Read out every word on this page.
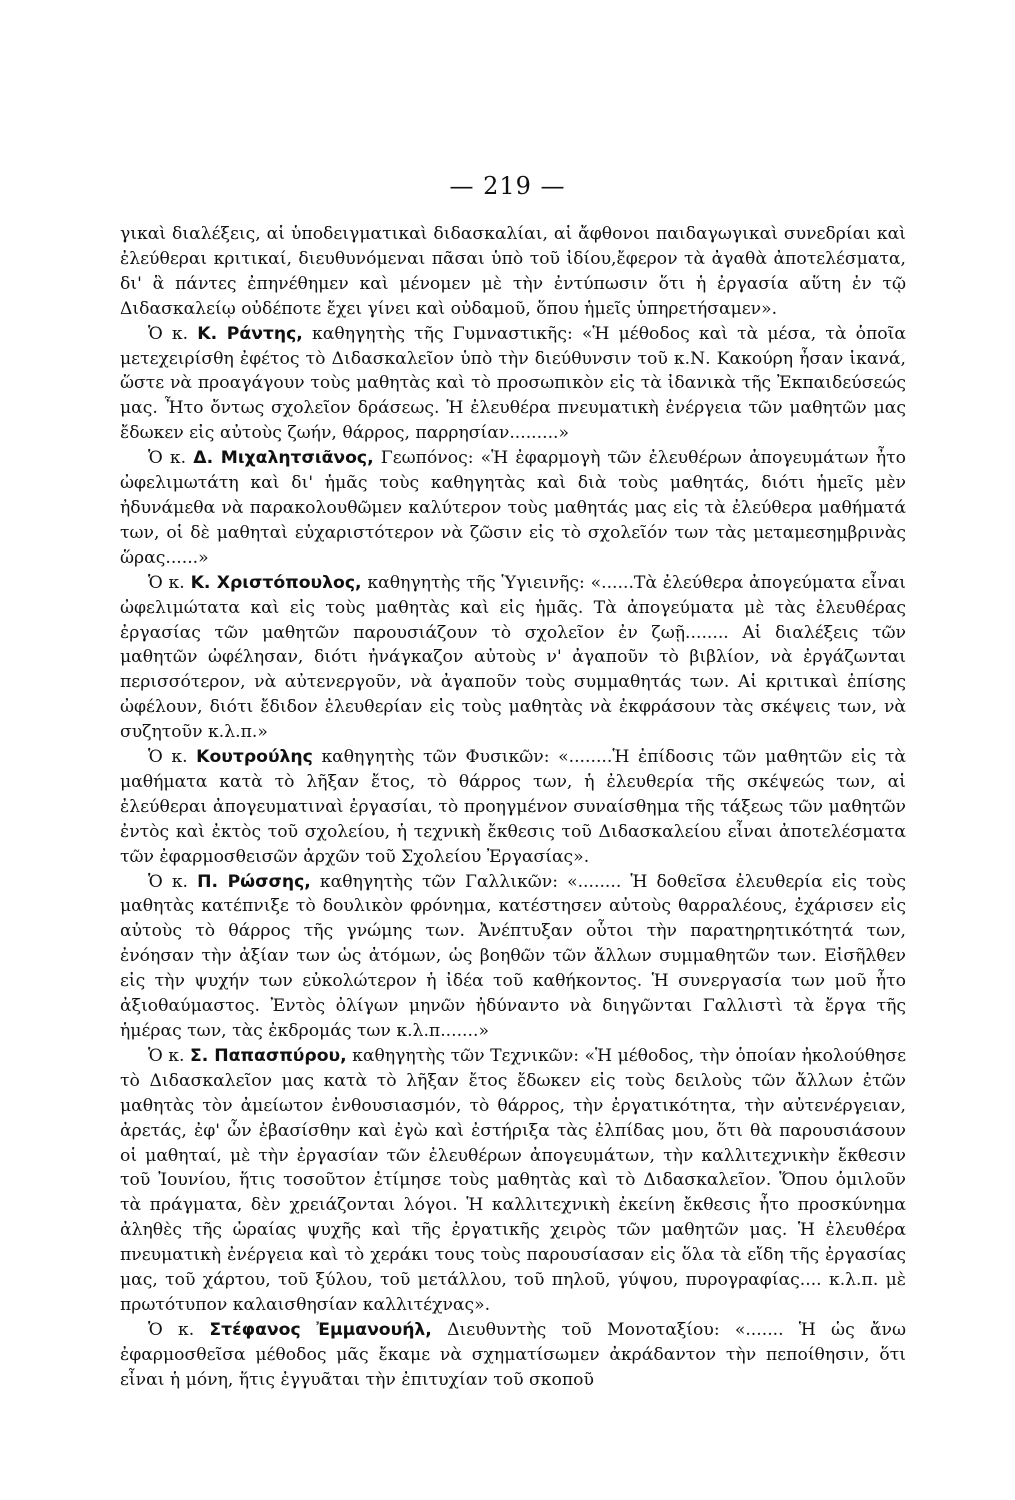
— 219 —

γικαὶ διαλέξεις, αἱ ὑποδειγματικαὶ διδασκαλίαι, αἱ ἄφθονοι παιδαγωγικαὶ συνεδρίαι καὶ ἐλεύθεραι κριτικαί, διευθυνόμεναι πᾶσαι ὑπὸ τοῦ ἰδίου,ἔφερον τὰ ἀγαθὰ ἀποτελέσματα, δι' ἃ πάντες ἐπηνέθημεν καὶ μένομεν μὲ τὴν ἐντύπωσιν ὅτι ἡ ἐργασία αὕτη ἐν τῷ Διδασκαλείῳ οὐδέποτε ἔχει γίνει καὶ οὐδαμοῦ, ὅπου ἡμεῖς ὑπηρετήσαμεν».

Ὁ κ. Κ. Ράντης, καθηγητὴς τῆς Γυμναστικῆς: «Ἡ μέθοδος καὶ τὰ μέσα, τὰ ὁποῖα μετεχειρίσθη ἐφέτος τὸ Διδασκαλεῖον ὑπὸ τὴν διεύθυνσιν τοῦ κ.Ν. Κακούρη ἦσαν ἱκανά, ὥστε νὰ προαγάγουν τοὺς μαθητὰς καὶ τὸ προσωπικὸν εἰς τὰ ἰδανικὰ τῆς Ἐκπαιδεύσεώς μας. Ἦτο ὄντως σχολεῖον δράσεως. Ἡ ἐλευθέρα πνευματικὴ ἐνέργεια τῶν μαθητῶν μας ἔδωκεν εἰς αὐτοὺς ζωήν, θάρρος, παρρησίαν.........»

Ὁ κ. Δ. Μιχαλητσιᾶνος, Γεωπόνος: «Ἡ ἐφαρμογὴ τῶν ἐλευθέρων ἀπογευμάτων ἦτο ὠφελιμωτάτη καὶ δι' ἡμᾶς τοὺς καθηγητὰς καὶ διὰ τοὺς μαθητάς, διότι ἡμεῖς μὲν ἠδυνάμεθα νὰ παρακολουθῶμεν καλύτερον τοὺς μαθητάς μας εἰς τὰ ἐλεύθερα μαθήματά των, οἱ δὲ μαθηταὶ εὐχαριστότερον νὰ ζῶσιν εἰς τὸ σχολεῖόν των τὰς μεταμεσημβρινὰς ὥρας......»

Ὁ κ. Κ. Χριστόπουλος, καθηγητὴς τῆς Ὑγιεινῆς: «......Τὰ ἐλεύθερα ἀπογεύματα εἶναι ὠφελιμώτατα καὶ εἰς τοὺς μαθητὰς καὶ εἰς ἡμᾶς. Τὰ ἀπογεύματα μὲ τὰς ἐλευθέρας ἐργασίας τῶν μαθητῶν παρουσιάζουν τὸ σχολεῖον ἐν ζωῇ........ Αἱ διαλέξεις τῶν μαθητῶν ὠφέλησαν, διότι ἠνάγκαζον αὐτοὺς ν' ἀγαποῦν τὸ βιβλίον, νὰ ἐργάζωνται περισσότερον, νὰ αὐτενεργοῦν, νὰ ἀγαποῦν τοὺς συμμαθητάς των. Αἱ κριτικαὶ ἐπίσης ὠφέλουν, διότι ἔδιδον ἐλευθερίαν εἰς τοὺς μαθητὰς νὰ ἐκφράσουν τὰς σκέψεις των, νὰ συζητοῦν κ.λ.π.»

Ὁ κ. Κουτρούλης καθηγητὴς τῶν Φυσικῶν: «........Ἡ ἐπίδοσις τῶν μαθητῶν εἰς τὰ μαθήματα κατὰ τὸ λῆξαν ἔτος, τὸ θάρρος των, ἡ ἐλευθερία τῆς σκέψεώς των, αἱ ἐλεύθεραι ἀπογευματιναὶ ἐργασίαι, τὸ προηγμένον συναίσθημα τῆς τάξεως τῶν μαθητῶν ἐντὸς καὶ ἐκτὸς τοῦ σχολείου, ἡ τεχνικὴ ἔκθεσις τοῦ Διδασκαλείου εἶναι ἀποτελέσματα τῶν ἐφαρμοσθεισῶν ἀρχῶν τοῦ Σχολείου Ἐργασίας».

Ὁ κ. Π. Ρώσσης, καθηγητὴς τῶν Γαλλικῶν: «........ Ἡ δοθεῖσα ἐλευθερία εἰς τοὺς μαθητὰς κατέπνιξε τὸ δουλικὸν φρόνημα, κατέστησεν αὐτοὺς θαρραλέους, ἐχάρισεν εἰς αὐτοὺς τὸ θάρρος τῆς γνώμης των. Ἀνέπτυξαν οὗτοι τὴν παρατηρητικότητά των, ἐνόησαν τὴν ἀξίαν των ὡς ἀτόμων, ὡς βοηθῶν τῶν ἄλλων συμμαθητῶν των. Εἰσῆλθεν εἰς τὴν ψυχήν των εὐκολώτερον ἡ ἰδέα τοῦ καθήκοντος. Ἡ συνεργασία των μοῦ ἦτο ἀξιοθαύμαστος. Ἐντὸς ὀλίγων μηνῶν ἠδύναντο νὰ διηγῶνται Γαλλιστὶ τὰ ἔργα τῆς ἡμέρας των, τὰς ἐκδρομάς των κ.λ.π.......»

Ὁ κ. Σ. Παπασπύρου, καθηγητὴς τῶν Τεχνικῶν: «Ἡ μέθοδος, τὴν ὁποίαν ἠκολούθησε τὸ Διδασκαλεῖον μας κατὰ τὸ λῆξαν ἔτος ἔδωκεν εἰς τοὺς δειλοὺς τῶν ἄλλων ἐτῶν μαθητὰς τὸν ἀμείωτον ἐνθουσιασμόν, τὸ θάρρος, τὴν ἐργατικότητα, τὴν αὐτενέργειαν, ἀρετάς, ἐφ' ὧν ἐβασίσθην καὶ ἐγὼ καὶ ἐστήριξα τὰς ἐλπίδας μου, ὅτι θὰ παρουσιάσουν οἱ μαθηταί, μὲ τὴν ἐργασίαν τῶν ἐλευθέρων ἀπογευμάτων, τὴν καλλιτεχνικὴν ἔκθεσιν τοῦ Ἰουνίου, ἥτις τοσοῦτον ἐτίμησε τοὺς μαθητὰς καὶ τὸ Διδασκαλεῖον. Ὅπου ὁμιλοῦν τὰ πράγματα, δὲν χρειάζονται λόγοι. Ἡ καλλιτεχνικὴ ἐκείνη ἔκθεσις ἦτο προσκύνημα ἀληθὲς τῆς ὡραίας ψυχῆς καὶ τῆς ἐργατικῆς χειρὸς τῶν μαθητῶν μας. Ἡ ἐλευθέρα πνευματικὴ ἐνέργεια καὶ τὸ χεράκι τους τοὺς παρουσίασαν εἰς ὅλα τὰ εἴδη τῆς ἐργασίας μας, τοῦ χάρτου, τοῦ ξύλου, τοῦ μετάλλου, τοῦ πηλοῦ, γύψου, πυρογραφίας.... κ.λ.π. μὲ πρωτότυπον καλαισθησίαν καλλιτέχνας».

Ὁ κ. Στέφανος Ἐμμανουήλ, Διευθυντὴς τοῦ Μονοταξίου: «....... Ἡ ὡς ἄνω ἐφαρμοσθεῖσα μέθοδος μᾶς ἔκαμε νὰ σχηματίσωμεν ἀκράδαντον τὴν πεποίθησιν, ὅτι εἶναι ἡ μόνη, ἥτις ἐγγυᾶται τὴν ἐπιτυχίαν τοῦ σκοποῦ
